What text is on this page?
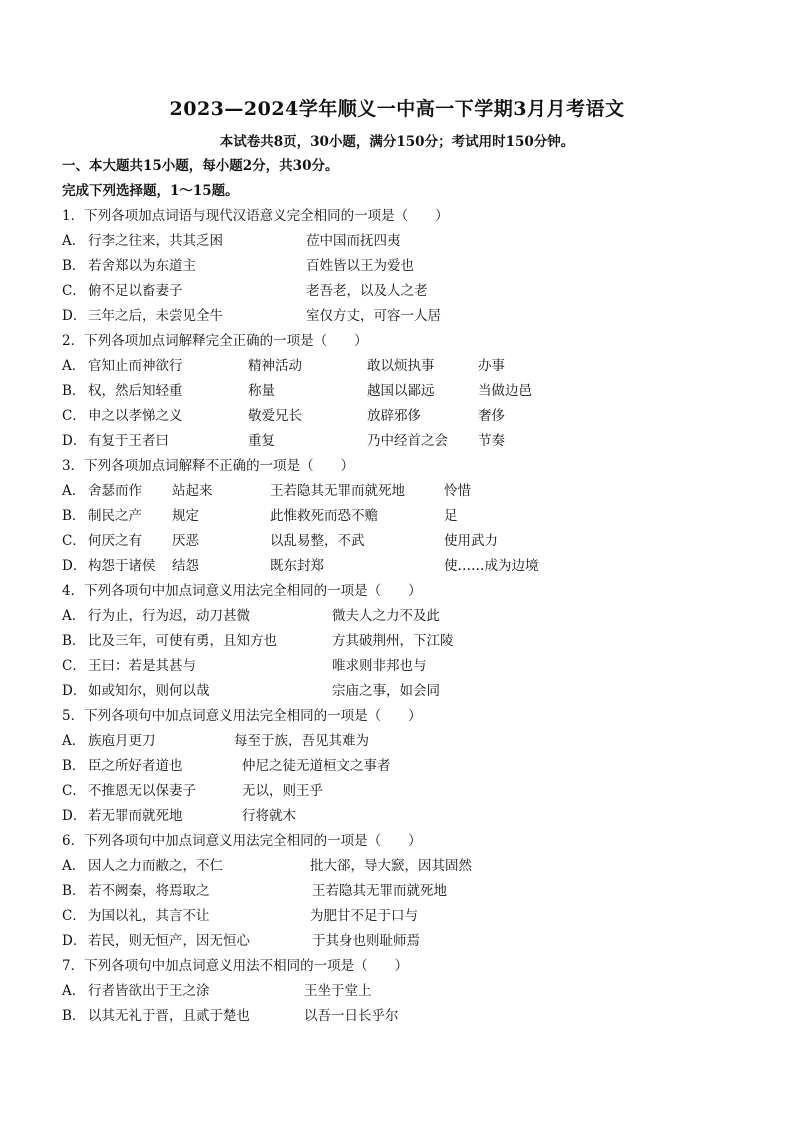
2023—2024学年顺义一中高一下学期3月月考语文
本试卷共8页，30小题，满分150分；考试用时150分钟。
一、本大题共15小题，每小题2分，共30分。
完成下列选择题，1～15题。
1．下列各项加点词语与现代汉语意义完全相同的一项是（　　）
A． 行李之往来，共其乏困	莅中国而抚四夷
B． 若舍郑以为东道主	百姓皆以王为爱也
C． 俯不足以畜妻子	老吾老，以及人之老
D． 三年之后，未尝见全牛	室仅方丈，可容一人居
2．下列各项加点词解释完全正确的一项是（　　）
A． 官知止而神欲行	精神活动	敢以烦执事	办事
B． 权，然后知轻重	称量	越国以鄙远	当做边邑
C． 申之以孝悌之义	敬爱兄长	放辟邪侈	奢侈
D． 有复于王者曰	重复	乃中经首之会 节奏
3．下列各项加点词解释不正确的一项是（　　）
A． 舍瑟而作 站起来	王若隐其无罪而就死地	怜惜
B． 制民之产 规定	此惟救死而恐不赡	足
C． 何厌之有 厌恶	以乱易整，不武	使用武力
D． 构怨于诸侯 结怨	既东封郑	使……成为边境
4．下列各项句中加点词意义用法完全相同的一项是（　　）
A． 行为止，行为迟，动刀甚微	微夫人之力不及此
B． 比及三年，可使有勇，且知方也	方其破荆州，下江陵
C． 王曰：若是其甚与	唯求则非邦也与
D． 如或知尔，则何以哉	宗庙之事，如会同
5．下列各项句中加点词意义用法完全相同的一项是（　　）
A． 族庖月更刀	每至于族，吾见其难为
B． 臣之所好者道也	仲尼之徒无道桓文之事者
C． 不推恩无以保妻子	无以，则王乎
D． 若无罪而就死地	行将就木
6．下列各项句中加点词意义用法完全相同的一项是（　　）
A． 因人之力而敝之，不仁	批大郤，导大窾，因其固然
B． 若不阙秦，将焉取之	王若隐其无罪而就死地
C． 为国以礼，其言不让	为肥甘不足于口与
D． 若民，则无恒产，因无恒心	于其身也则耻师焉
7．下列各项句中加点词意义用法不相同的一项是（　　）
A． 行者皆欲出于王之涂	王坐于堂上
B． 以其无礼于晋，且贰于楚也	以吾一日长乎尔
